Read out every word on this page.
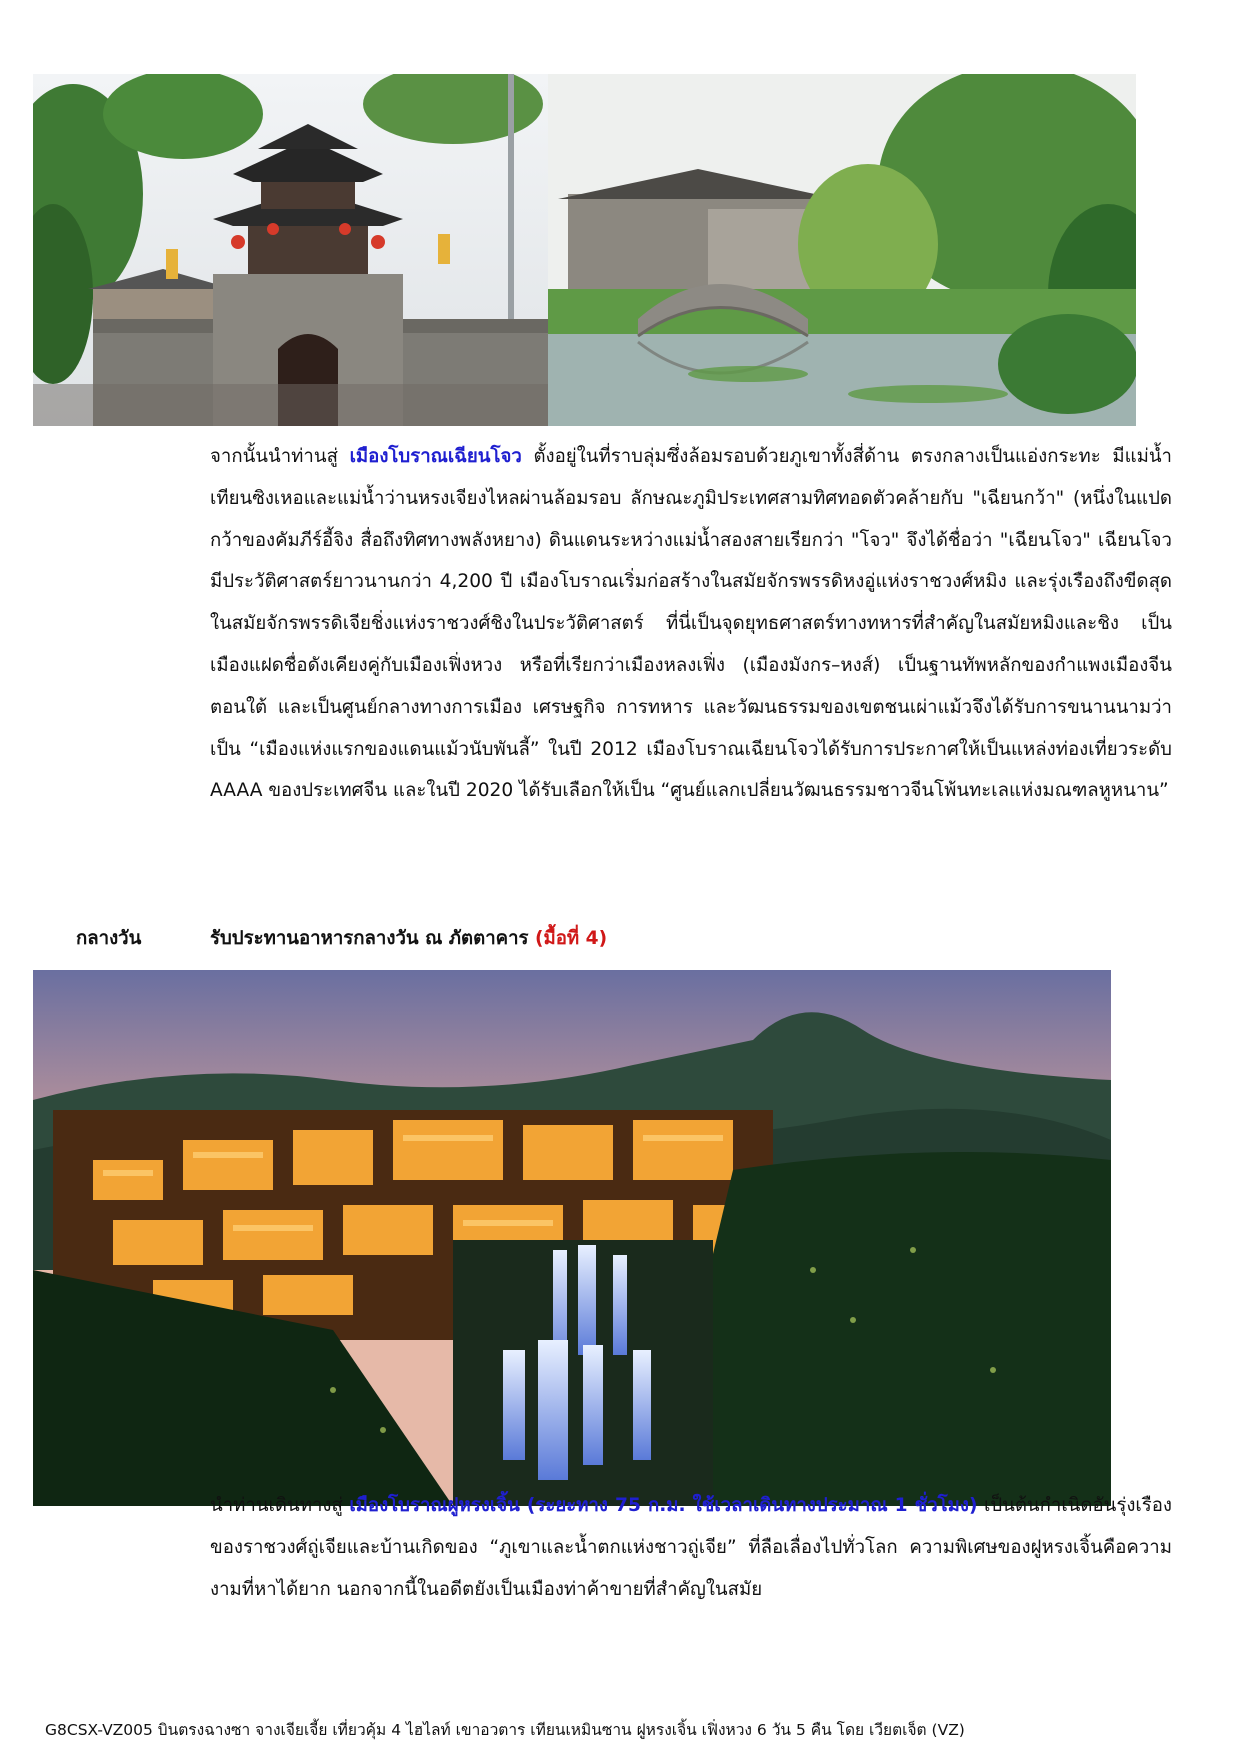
จากนั้นนำท่านสู่ เมืองโบราณเฉียนโจว ตั้งอยู่ในที่ราบลุ่มซึ่งล้อมรอบด้วยภูเขาทั้งสี่ด้าน ตรงกลางเป็นแอ่งกระทะ มีแม่น้ำเทียนซิงเหอและแม่น้ำว่านหรงเจียงไหลผ่านล้อมรอบ ลักษณะภูมิประเทศสามทิศทอดตัวคล้ายกับ "เฉียนกว้า" (หนึ่งในแปดกว้าของคัมภีร์อี้จิง สื่อถึงทิศทางพลังหยาง) ดินแดนระหว่างแม่น้ำสองสายเรียกว่า "โจว" จึงได้ชื่อว่า "เฉียนโจว" เฉียนโจวมีประวัติศาสตร์ยาวนานกว่า 4,200 ปี เมืองโบราณเริ่มก่อสร้างในสมัยจักรพรรดิหงอู่แห่งราชวงศ์หมิง และรุ่งเรืองถึงขีดสุดในสมัยจักรพรรดิเจียชิ่งแห่งราชวงศ์ชิงในประวัติศาสตร์ ที่นี่เป็นจุดยุทธศาสตร์ทางทหารที่สำคัญในสมัยหมิงและชิง เป็นเมืองแฝดชื่อดังเคียงคู่กับเมืองเฟิ่งหวง หรือที่เรียกว่าเมืองหลงเฟิ่ง (เมืองมังกร–หงส์) เป็นฐานทัพหลักของกำแพงเมืองจีนตอนใต้ และเป็นศูนย์กลางทางการเมือง เศรษฐกิจ การทหาร และวัฒนธรรมของเขตชนเผ่าแม้วจึงได้รับการขนานนามว่าเป็น “เมืองแห่งแรกของแดนแม้วนับพันลี้” ในปี 2012 เมืองโบราณเฉียนโจวได้รับการประกาศให้เป็นแหล่งท่องเที่ยวระดับ AAAA ของประเทศจีน และในปี 2020 ได้รับเลือกให้เป็น “ศูนย์แลกเปลี่ยนวัฒนธรรมชาวจีนโพ้นทะเลแห่งมณฑลหูหนาน”

กลางวัน	รับประทานอาหารกลางวัน ณ ภัตตาคาร (มื้อที่ 4)

นำท่านเดินทางสู่ เมืองโบราณฝูหรงเจิ้น (ระยะทาง 75 ก.ม. ใช้เวลาเดินทางประมาณ 1 ชั่วโมง) เป็นต้นกำเนิดอันรุ่งเรืองของราชวงศ์ถู่เจียและบ้านเกิดของ “ภูเขาและน้ำตกแห่งชาวถู่เจีย” ที่ลือเลื่องไปทั่วโลก ความพิเศษของฝูหรงเจิ้นคือความงามที่หาได้ยาก นอกจากนี้ในอดีตยังเป็นเมืองท่าค้าขายที่สำคัญในสมัย

G8CSX-VZ005 บินตรงฉางซา จางเจียเจี้ย เที่ยวคุ้ม 4 ไฮไลท์ เขาอวตาร เทียนเหมินซาน ฝูหรงเจิ้น เฟิ่งหวง 6 วัน 5 คืน โดย เวียตเจ็ต (VZ)
